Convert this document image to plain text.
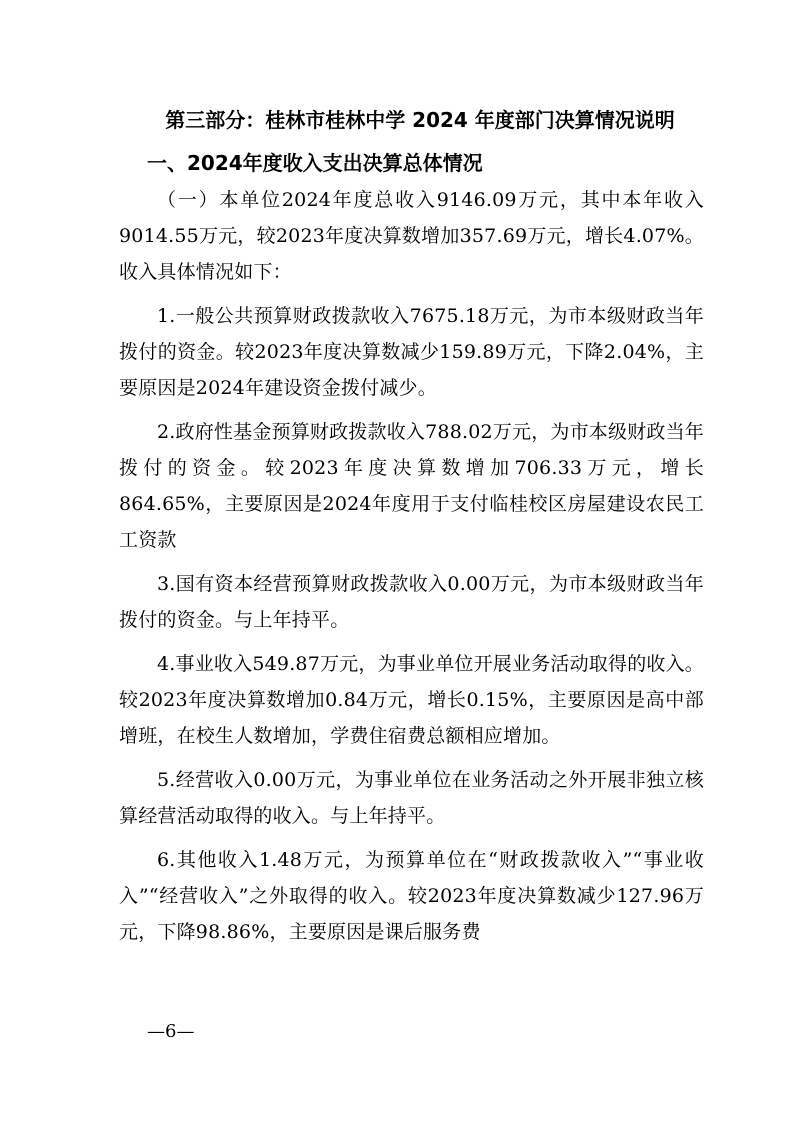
第三部分：桂林市桂林中学 2024 年度部门决算情况说明
一、2024年度收入支出决算总体情况

（一）本单位2024年度总收入9146.09万元，其中本年收入9014.55万元，较2023年度决算数增加357.69万元，增长4.07%。收入具体情况如下：

1.一般公共预算财政拨款收入7675.18万元，为市本级财政当年拨付的资金。较2023年度决算数减少159.89万元，下降2.04%，主要原因是2024年建设资金拨付减少。

2.政府性基金预算财政拨款收入788.02万元，为市本级财政当年拨付的资金。较2023年度决算数增加706.33万元，增长864.65%，主要原因是2024年度用于支付临桂校区房屋建设农民工工资款

3.国有资本经营预算财政拨款收入0.00万元，为市本级财政当年拨付的资金。与上年持平。

4.事业收入549.87万元，为事业单位开展业务活动取得的收入。较2023年度决算数增加0.84万元，增长0.15%，主要原因是高中部增班，在校生人数增加，学费住宿费总额相应增加。

5.经营收入0.00万元，为事业单位在业务活动之外开展非独立核算经营活动取得的收入。与上年持平。

6.其他收入1.48万元，为预算单位在“财政拨款收入”“事业收入”“经营收入”之外取得的收入。较2023年度决算数减少127.96万元，下降98.86%，主要原因是课后服务费

—6—
